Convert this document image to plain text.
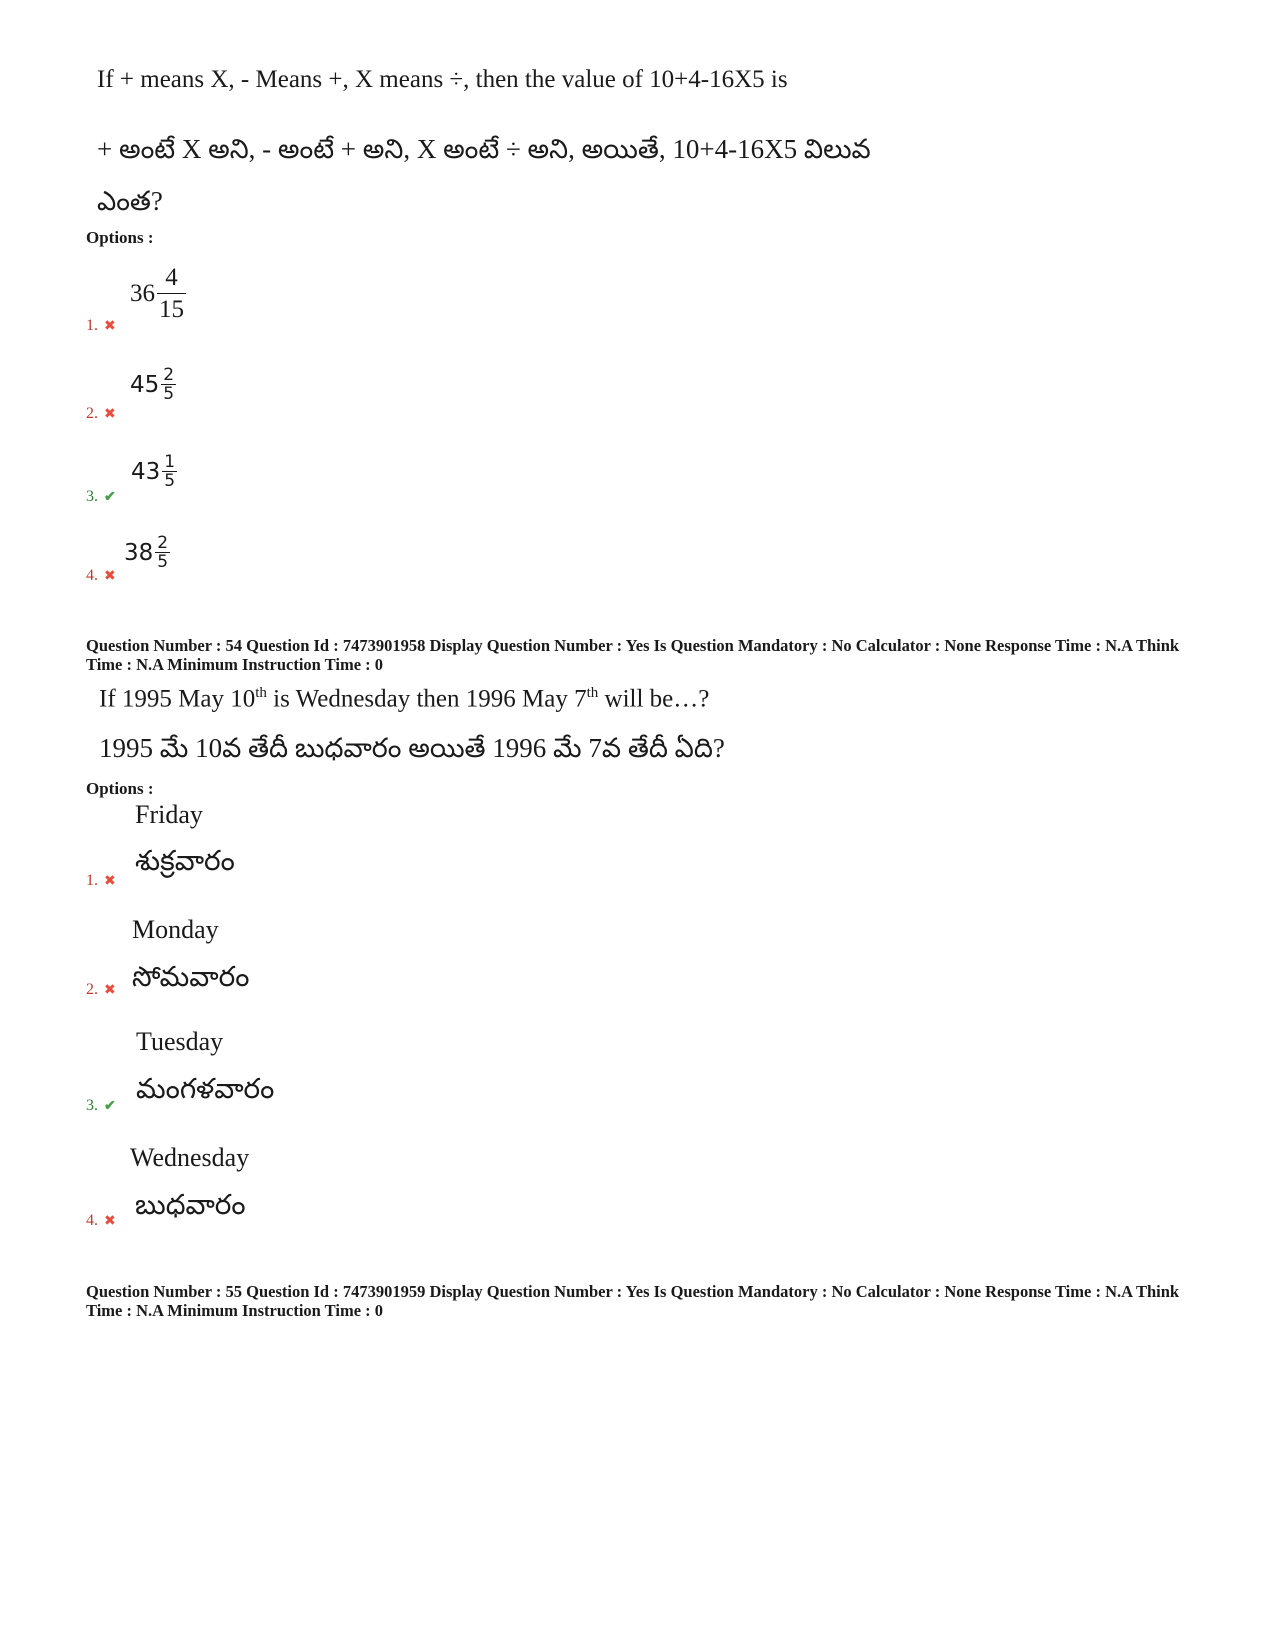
If + means X, - Means +, X means ÷, then the value of 10+4-16X5 is
+ అంటే X అని, - అంటే + అని, X అంటే ÷ అని, అయితే, 10+4-16X5 విలువ
ఎంత?
Options :
$36 \frac{4}{15}$
1. ✖
$45 \frac{2}{5}$
2. ✖
$43 \frac{1}{5}$
3. ✔
$38 \frac{2}{5}$
4. ✖
Question Number : 54 Question Id : 7473901958 Display Question Number : Yes Is Question Mandatory : No Calculator : None Response Time : N.A Think Time : N.A Minimum Instruction Time : 0
If 1995 May 10th is Wednesday then 1996 May 7th will be…?
1995 మే 10వ తేదీ బుధవారం అయితే 1996 మే 7వ తేదీ ఏది?
Options :
Friday
శుక్రవారం
1. ✖
Monday
సోమవారం
2. ✖
Tuesday
మంగళవారం
3. ✔
Wednesday
బుధవారం
4. ✖
Question Number : 55 Question Id : 7473901959 Display Question Number : Yes Is Question Mandatory : No Calculator : None Response Time : N.A Think Time : N.A Minimum Instruction Time : 0
